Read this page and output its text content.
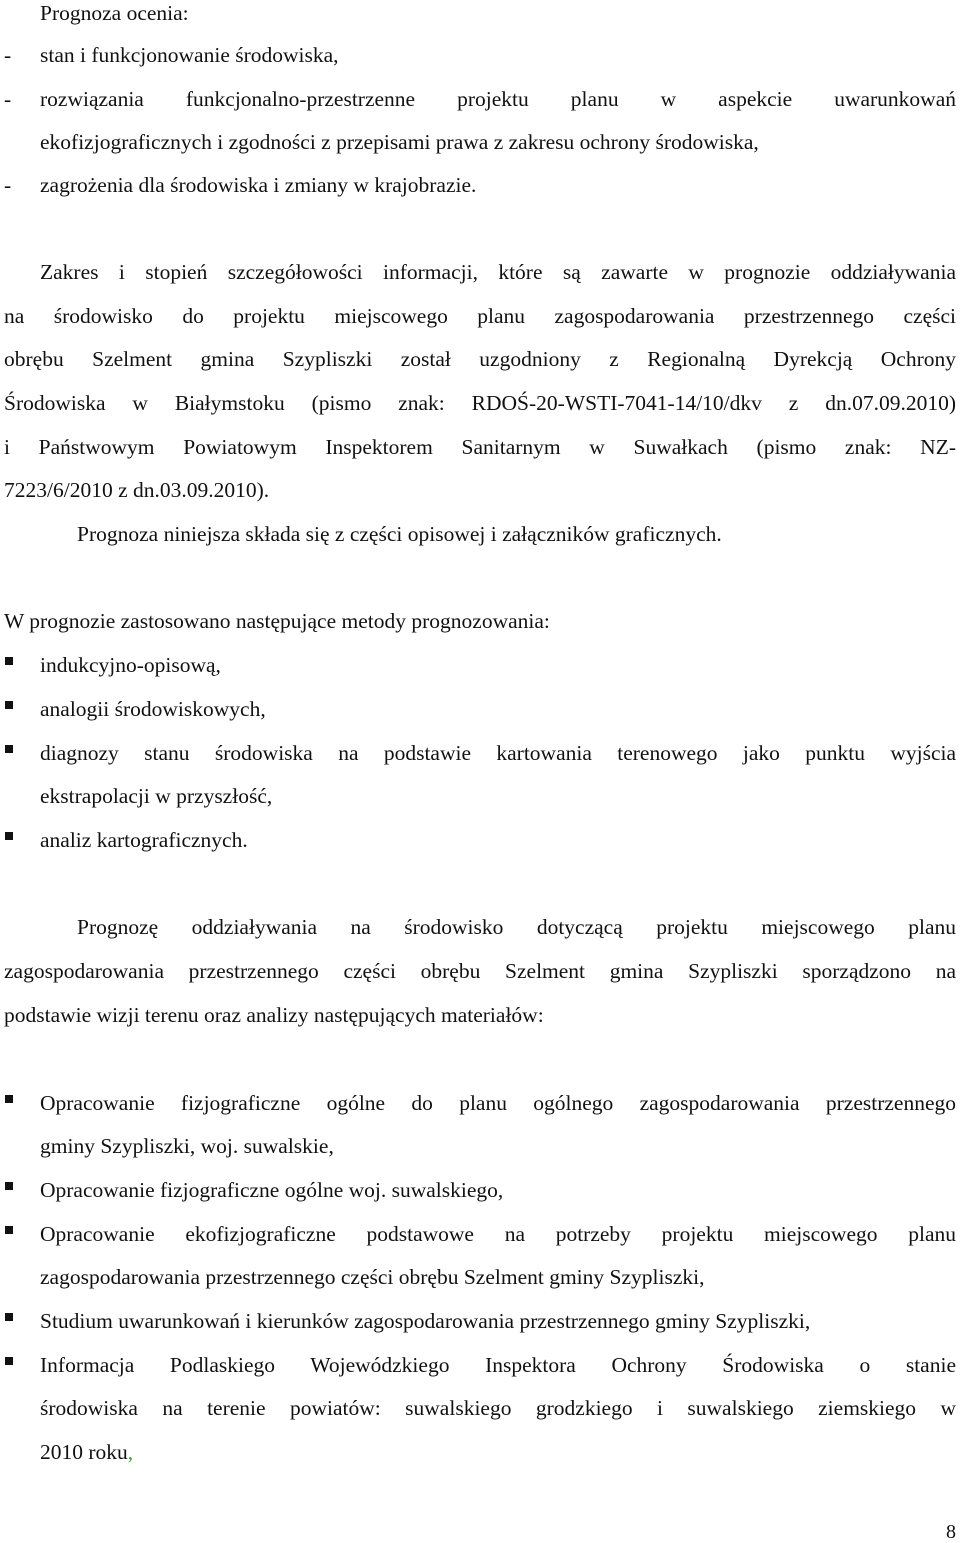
Prognoza ocenia:
- stan i funkcjonowanie środowiska,
- rozwiązania funkcjonalno-przestrzenne projektu planu w aspekcie uwarunkowań
ekofizjograficznych i zgodności z przepisami prawa z zakresu ochrony środowiska,
- zagrożenia dla środowiska i zmiany w krajobrazie.
Zakres i stopień szczegółowości informacji, które są zawarte w prognozie oddziaływania
na środowisko do projektu miejscowego planu zagospodarowania przestrzennego części
obrębu Szelment gmina Szypliszki został uzgodniony z Regionalną Dyrekcją Ochrony
Środowiska w Białymstoku (pismo znak: RDOŚ-20-WSTI-7041-14/10/dkv z dn.07.09.2010)
i Państwowym Powiatowym Inspektorem Sanitarnym w Suwałkach (pismo znak: NZ-
7223/6/2010 z dn.03.09.2010).
Prognoza niniejsza składa się z części opisowej i załączników graficznych.
W prognozie zastosowano następujące metody prognozowania:
indukcyjno-opisową,
analogii środowiskowych,
diagnozy stanu środowiska na podstawie kartowania terenowego jako punktu wyjścia
ekstrapolacji w przyszłość,
analiz kartograficznych.
Prognozę oddziaływania na środowisko dotyczącą projektu miejscowego planu
zagospodarowania przestrzennego części obrębu Szelment gmina Szypliszki sporządzono na
podstawie wizji terenu oraz analizy następujących materiałów:
Opracowanie fizjograficzne ogólne do planu ogólnego zagospodarowania przestrzennego
gminy Szypliszki, woj. suwalskie,
Opracowanie fizjograficzne ogólne woj. suwalskiego,
Opracowanie ekofizjograficzne podstawowe na potrzeby projektu miejscowego planu
zagospodarowania przestrzennego części obrębu Szelment gminy Szypliszki,
Studium uwarunkowań i kierunków zagospodarowania przestrzennego gminy Szypliszki,
Informacja Podlaskiego Wojewódzkiego Inspektora Ochrony Środowiska o stanie
środowiska na terenie powiatów: suwalskiego grodzkiego i suwalskiego ziemskiego w
2010 roku,
8
